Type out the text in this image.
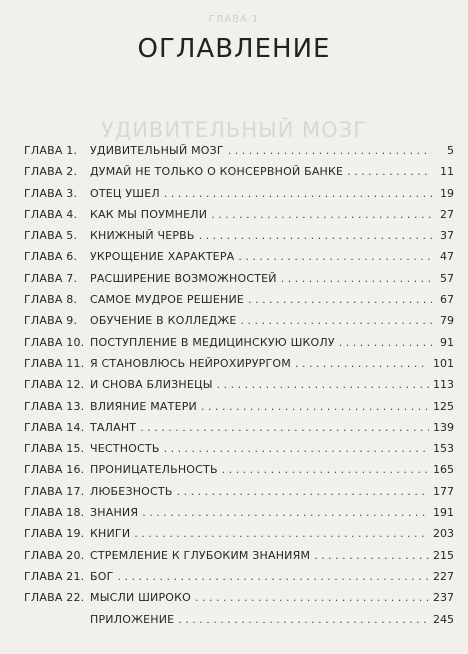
ГЛАВА 1
ОГЛАВЛЕНИЕ
УДИВИТЕЛЬНЫЙ МОЗГ
ГЛАВА 1. УДИВИТЕЛЬНЫЙ МОЗГ . . .	5
ГЛАВА 2. ДУМАЙ НЕ ТОЛЬКО О КОНСЕРВНОЙ БАНКЕ . . .	11
ГЛАВА 3. ОТЕЦ УШЕЛ . . .	19
ГЛАВА 4. КАК МЫ ПОУМНЕЛИ . . .	27
ГЛАВА 5. КНИЖНЫЙ ЧЕРВЬ . . .	37
ГЛАВА 6. УКРОЩЕНИЕ ХАРАКТЕРА . . .	47
ГЛАВА 7. РАСШИРЕНИЕ ВОЗМОЖНОСТЕЙ . . .	57
ГЛАВА 8. САМОЕ МУДРОЕ РЕШЕНИЕ . . .	67
ГЛАВА 9. ОБУЧЕНИЕ В КОЛЛЕДЖЕ . . .	79
ГЛАВА 10. ПОСТУПЛЕНИЕ В МЕДИЦИНСКУЮ ШКОЛУ . . .	91
ГЛАВА 11. Я СТАНОВЛЮСЬ НЕЙРОХИРУРГОМ . . .	101
ГЛАВА 12. И СНОВА БЛИЗНЕЦЫ . . .	113
ГЛАВА 13. ВЛИЯНИЕ МАТЕРИ . . .	125
ГЛАВА 14. ТАЛАНТ . . .	139
ГЛАВА 15. ЧЕСТНОСТЬ . . .	153
ГЛАВА 16. ПРОНИЦАТЕЛЬНОСТЬ . . .	165
ГЛАВА 17. ЛЮБЕЗНОСТЬ . . .	177
ГЛАВА 18. ЗНАНИЯ . . .	191
ГЛАВА 19. КНИГИ . . .	203
ГЛАВА 20. СТРЕМЛЕНИЕ К ГЛУБОКИМ ЗНАНИЯМ . . .	215
ГЛАВА 21. БОГ . . .	227
ГЛАВА 22. МЫСЛИ ШИРОКО . . .	237
ПРИЛОЖЕНИЕ . . .	245
